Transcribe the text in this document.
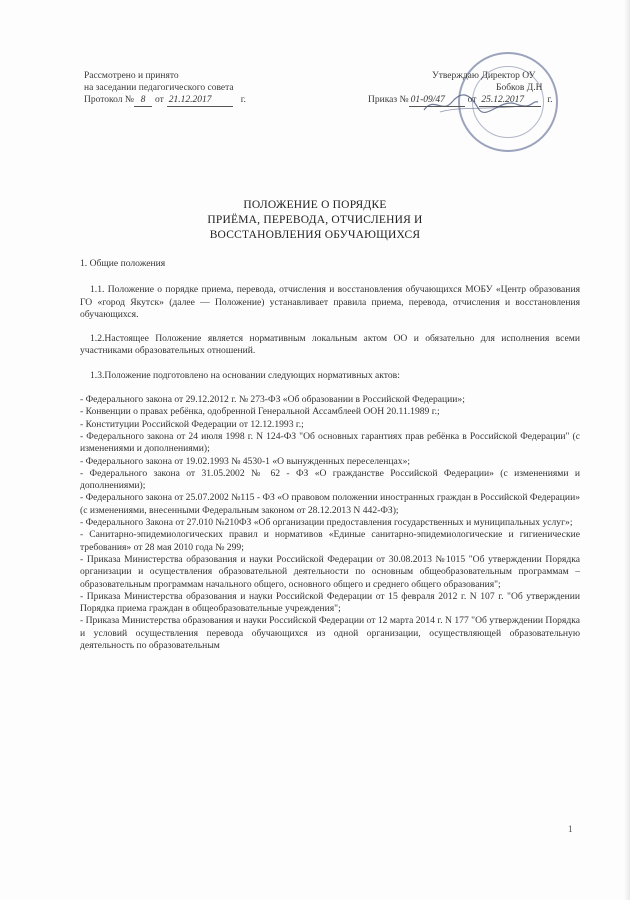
Рассмотрено и принято
на заседании педагогического совета
Протокол № 8	от 21.12.2017	г.
Утверждаю Директор ОУ
Бобков Д.Н
Приказ № 01-09/47	от 25.12.2017	г.
ПОЛОЖЕНИЕ О ПОРЯДКЕ
ПРИЁМА, ПЕРЕВОДА, ОТЧИСЛЕНИЯ И
ВОССТАНОВЛЕНИЯ ОБУЧАЮЩИХСЯ
1. Общие положения
1.1. Положение о порядке приема, перевода, отчисления и восстановления обучающихся МОБУ «Центр образования ГО «город Якутск» (далее — Положение) устанавливает правила приема, перевода, отчисления и восстановления обучающихся.
1.2.Настоящее Положение является нормативным локальным актом ОО и обязательно для исполнения всеми участниками образовательных отношений.
1.3.Положение подготовлено на основании следующих нормативных актов:
- Федерального закона от 29.12.2012 г. № 273-ФЗ «Об образовании в Российской Федерации»;
- Конвенции о правах ребёнка, одобренной Генеральной Ассамблеей ООН 20.11.1989 г.;
- Конституции Российской Федерации от 12.12.1993 г.;
- Федерального закона от 24 июля 1998 г. N 124-ФЗ "Об основных гарантиях прав ребёнка в Российской Федерации" (с изменениями и дополнениями);
- Федерального закона от 19.02.1993 № 4530-1 «О вынужденных переселенцах»;
- Федерального закона от 31.05.2002 № 62 - ФЗ «О гражданстве Российской Федерации» (с изменениями и дополнениями);
- Федерального закона от 25.07.2002 №115 - ФЗ «О правовом положении иностранных граждан в Российской Федерации» (с изменениями, внесенными Федеральным законом от 28.12.2013 N 442-ФЗ);
- Федерального Закона от 27.010 №210ФЗ «Об организации предоставления государственных и муниципальных услуг»;
- Санитарно-эпидемиологических правил и нормативов «Единые санитарно-эпидемиологические и гигиенические требования» от 28 мая 2010 года № 299;
- Приказа Министерства образования и науки Российской Федерации от 30.08.2013 №1015 "Об утверждении Порядка организации и осуществления образовательной деятельности по основным общеобразовательным программам – образовательным программам начального общего, основного общего и среднего общего образования";
- Приказа Министерства образования и науки Российской Федерации от 15 февраля 2012 г. N 107 г. "Об утверждении Порядка приема граждан в общеобразовательные учреждения";
- Приказа Министерства образования и науки Российской Федерации от 12 марта 2014 г. N 177 "Об утверждении Порядка и условий осуществления перевода обучающихся из одной организации, осуществляющей образовательную деятельность по образовательным
1
